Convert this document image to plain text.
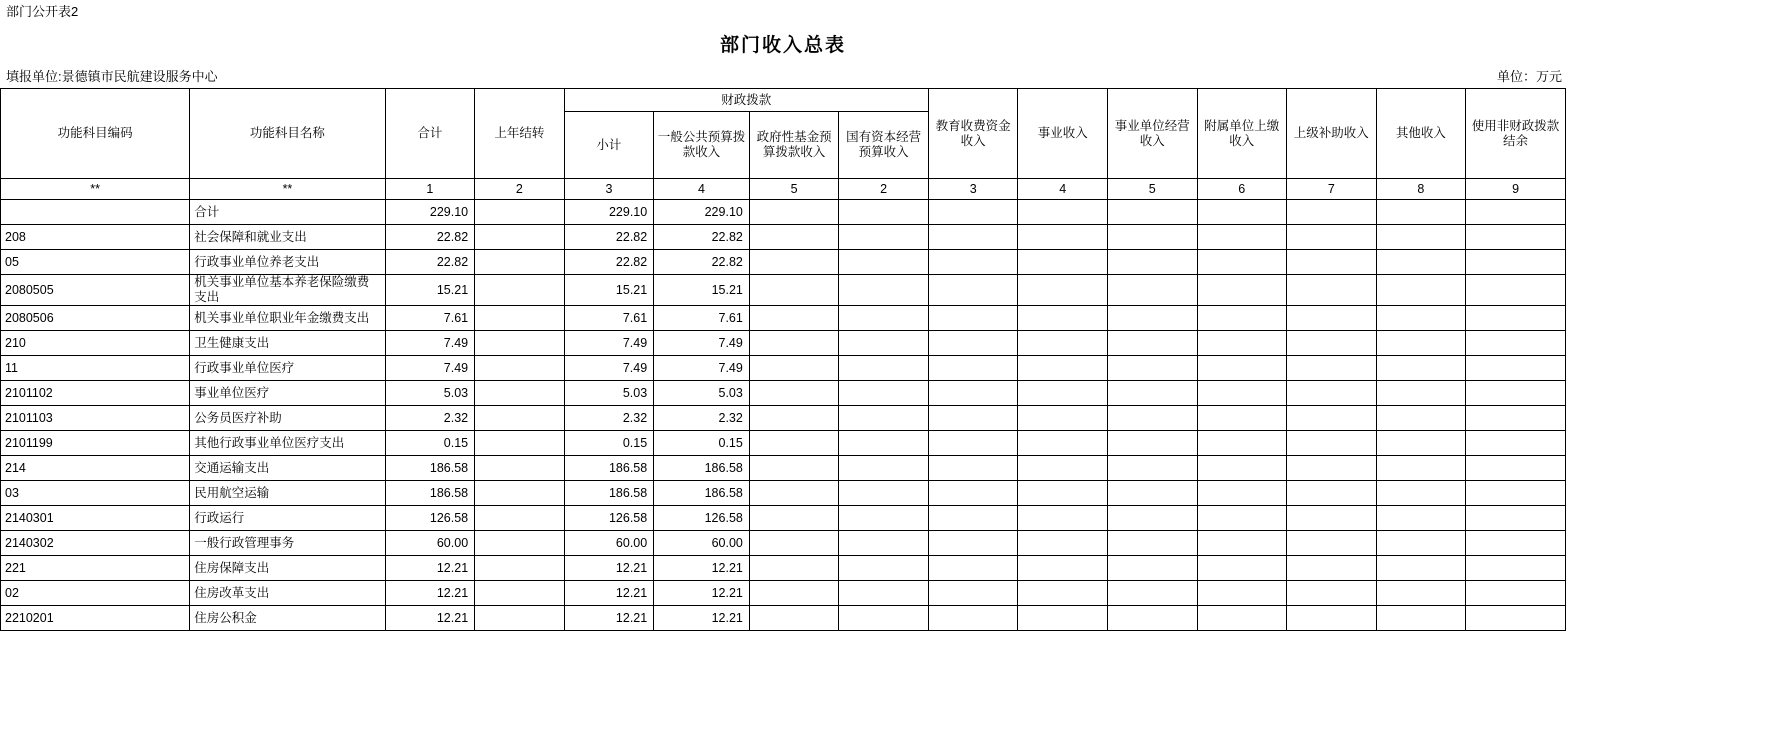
部门公开表2
部门收入总表
填报单位:景德镇市民航建设服务中心	单位：万元
功能科目编码	功能科目名称	合计	上年结转	财政拨款				教育收费资金收入	事业收入	事业单位经营收入	附属单位上缴收入	上级补助收入	其他收入	使用非财政拨款结余
				小计	一般公共预算拨款收入	政府性基金预算拨款收入	国有资本经营预算收入							
**	**	1	2	3	4	5	2	3	4	5	6	7	8	9
	合计	229.10		229.10	229.10									
208	社会保障和就业支出	22.82		22.82	22.82									
05	行政事业单位养老支出	22.82		22.82	22.82									
2080505	机关事业单位基本养老保险缴费支出	15.21		15.21	15.21									
2080506	机关事业单位职业年金缴费支出	7.61		7.61	7.61									
210	卫生健康支出	7.49		7.49	7.49									
11	行政事业单位医疗	7.49		7.49	7.49									
2101102	事业单位医疗	5.03		5.03	5.03									
2101103	公务员医疗补助	2.32		2.32	2.32									
2101199	其他行政事业单位医疗支出	0.15		0.15	0.15									
214	交通运输支出	186.58		186.58	186.58									
03	民用航空运输	186.58		186.58	186.58									
2140301	行政运行	126.58		126.58	126.58									
2140302	一般行政管理事务	60.00		60.00	60.00									
221	住房保障支出	12.21		12.21	12.21									
02	住房改革支出	12.21		12.21	12.21									
2210201	住房公积金	12.21		12.21	12.21									
